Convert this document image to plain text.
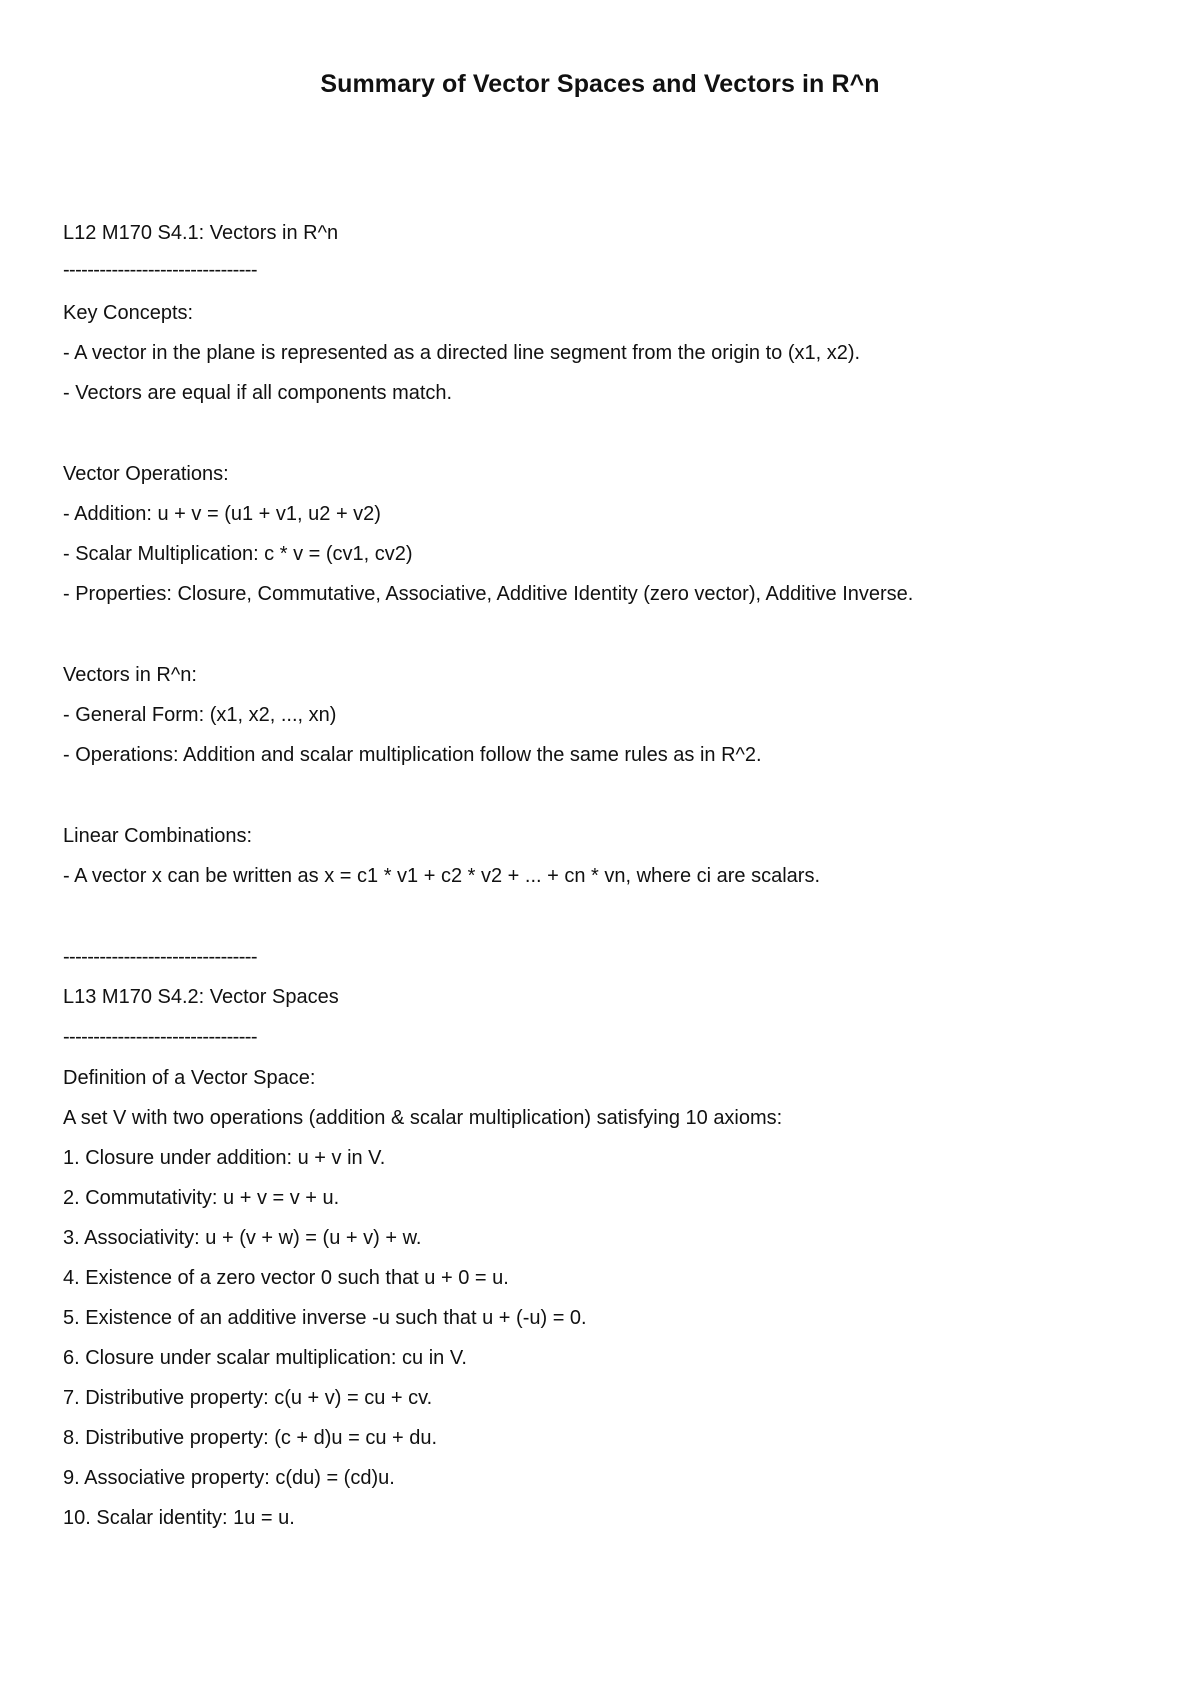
Summary of Vector Spaces and Vectors in R^n
L12 M170 S4.1: Vectors in R^n
--------------------------------
Key Concepts:
- A vector in the plane is represented as a directed line segment from the origin to (x1, x2).
- Vectors are equal if all components match.
Vector Operations:
- Addition: u + v = (u1 + v1, u2 + v2)
- Scalar Multiplication: c * v = (cv1, cv2)
- Properties: Closure, Commutative, Associative, Additive Identity (zero vector), Additive Inverse.
Vectors in R^n:
- General Form: (x1, x2, ..., xn)
- Operations: Addition and scalar multiplication follow the same rules as in R^2.
Linear Combinations:
- A vector x can be written as x = c1 * v1 + c2 * v2 + ... + cn * vn, where ci are scalars.
--------------------------------
L13 M170 S4.2: Vector Spaces
--------------------------------
Definition of a Vector Space:
A set V with two operations (addition & scalar multiplication) satisfying 10 axioms:
1. Closure under addition: u + v in V.
2. Commutativity: u + v = v + u.
3. Associativity: u + (v + w) = (u + v) + w.
4. Existence of a zero vector 0 such that u + 0 = u.
5. Existence of an additive inverse -u such that u + (-u) = 0.
6. Closure under scalar multiplication: cu in V.
7. Distributive property: c(u + v) = cu + cv.
8. Distributive property: (c + d)u = cu + du.
9. Associative property: c(du) = (cd)u.
10. Scalar identity: 1u = u.
